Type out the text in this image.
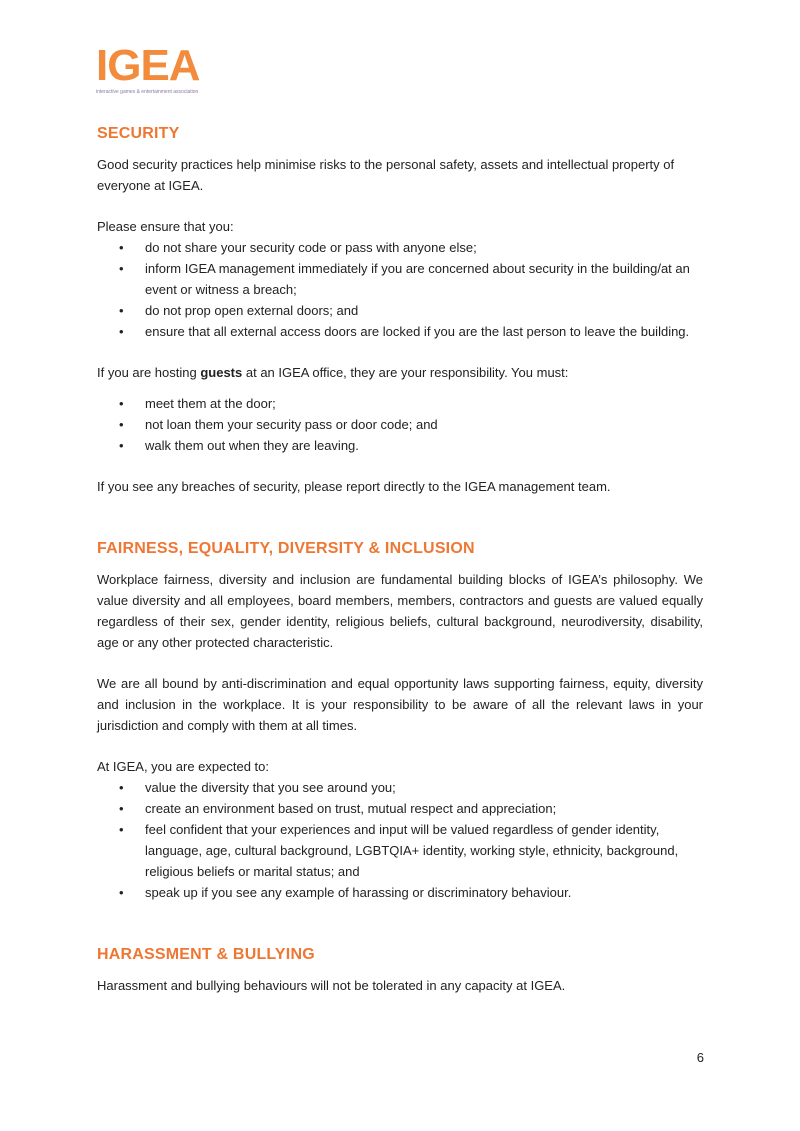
IGEA
interactive games & entertainment association
SECURITY

Good security practices help minimise risks to the personal safety, assets and intellectual property of everyone at IGEA.

Please ensure that you:

• do not share your security code or pass with anyone else;
• inform IGEA management immediately if you are concerned about security in the building/at an event or witness a breach;
• do not prop open external doors; and
• ensure that all external access doors are locked if you are the last person to leave the building.

If you are hosting guests at an IGEA office, they are your responsibility. You must:

• meet them at the door;
• not loan them your security pass or door code; and
• walk them out when they are leaving.

If you see any breaches of security, please report directly to the IGEA management team.

FAIRNESS, EQUALITY, DIVERSITY & INCLUSION

Workplace fairness, diversity and inclusion are fundamental building blocks of IGEA’s philosophy. We value diversity and all employees, board members, members, contractors and guests are valued equally regardless of their sex, gender identity, religious beliefs, cultural background, neurodiversity, disability, age or any other protected characteristic.

We are all bound by anti-discrimination and equal opportunity laws supporting fairness, equity, diversity and inclusion in the workplace. It is your responsibility to be aware of all the relevant laws in your jurisdiction and comply with them at all times.

At IGEA, you are expected to:

• value the diversity that you see around you;
• create an environment based on trust, mutual respect and appreciation;
• feel confident that your experiences and input will be valued regardless of gender identity, language, age, cultural background, LGBTQIA+ identity, working style, ethnicity, background, religious beliefs or marital status; and
• speak up if you see any example of harassing or discriminatory behaviour.
HARASSMENT & BULLYING

Harassment and bullying behaviours will not be tolerated in any capacity at IGEA.

6
